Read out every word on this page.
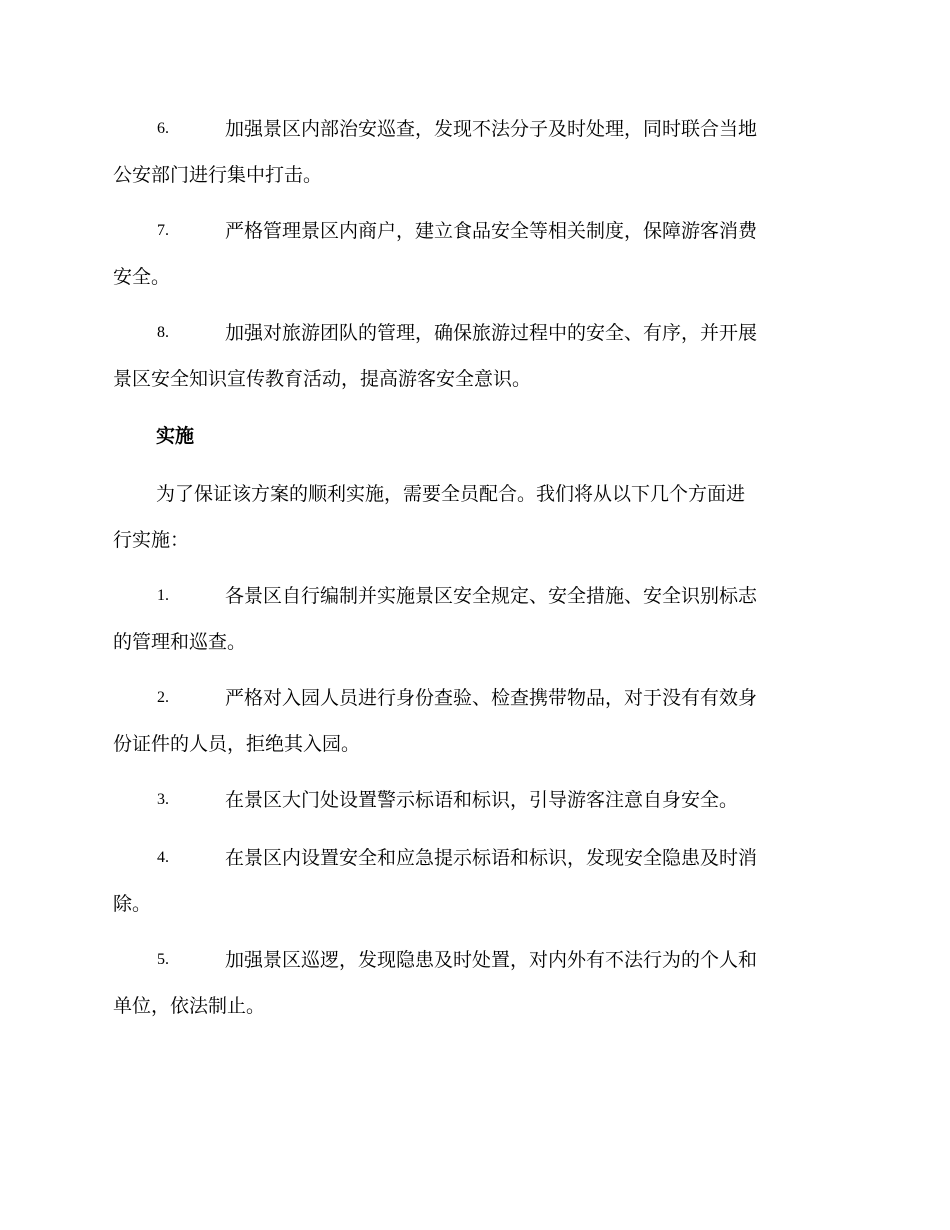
6.	加强景区内部治安巡查，发现不法分子及时处理，同时联合当地
公安部门进行集中打击。
7.	严格管理景区内商户，建立食品安全等相关制度，保障游客消费
安全。
8.	加强对旅游团队的管理，确保旅游过程中的安全、有序，并开展
景区安全知识宣传教育活动，提高游客安全意识。
实施
为了保证该方案的顺利实施，需要全员配合。我们将从以下几个方面进
行实施：
1.	各景区自行编制并实施景区安全规定、安全措施、安全识别标志
的管理和巡查。
2.	严格对入园人员进行身份查验、检查携带物品，对于没有有效身
份证件的人员，拒绝其入园。
3.	在景区大门处设置警示标语和标识，引导游客注意自身安全。
4.	在景区内设置安全和应急提示标语和标识，发现安全隐患及时消
除。
5.	加强景区巡逻，发现隐患及时处置，对内外有不法行为的个人和
单位，依法制止。
